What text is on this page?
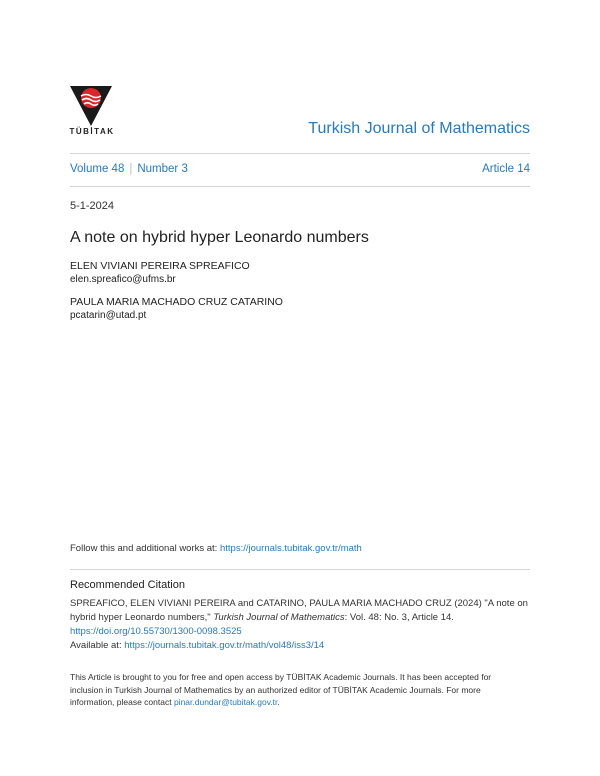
TÜBİTAK	Turkish Journal of Mathematics
Volume 48 | Number 3	Article 14
5-1-2024
A note on hybrid hyper Leonardo numbers
ELEN VIVIANI PEREIRA SPREAFICO
elen.spreafico@ufms.br
PAULA MARIA MACHADO CRUZ CATARINO
pcatarin@utad.pt
Follow this and additional works at: https://journals.tubitak.gov.tr/math
Recommended Citation
SPREAFICO, ELEN VIVIANI PEREIRA and CATARINO, PAULA MARIA MACHADO CRUZ (2024) "A note on
hybrid hyper Leonardo numbers," Turkish Journal of Mathematics: Vol. 48: No. 3, Article 14.
https://doi.org/10.55730/1300-0098.3525
Available at: https://journals.tubitak.gov.tr/math/vol48/iss3/14
This Article is brought to you for free and open access by TÜBİTAK Academic Journals. It has been accepted for
inclusion in Turkish Journal of Mathematics by an authorized editor of TÜBİTAK Academic Journals. For more
information, please contact pinar.dundar@tubitak.gov.tr.
